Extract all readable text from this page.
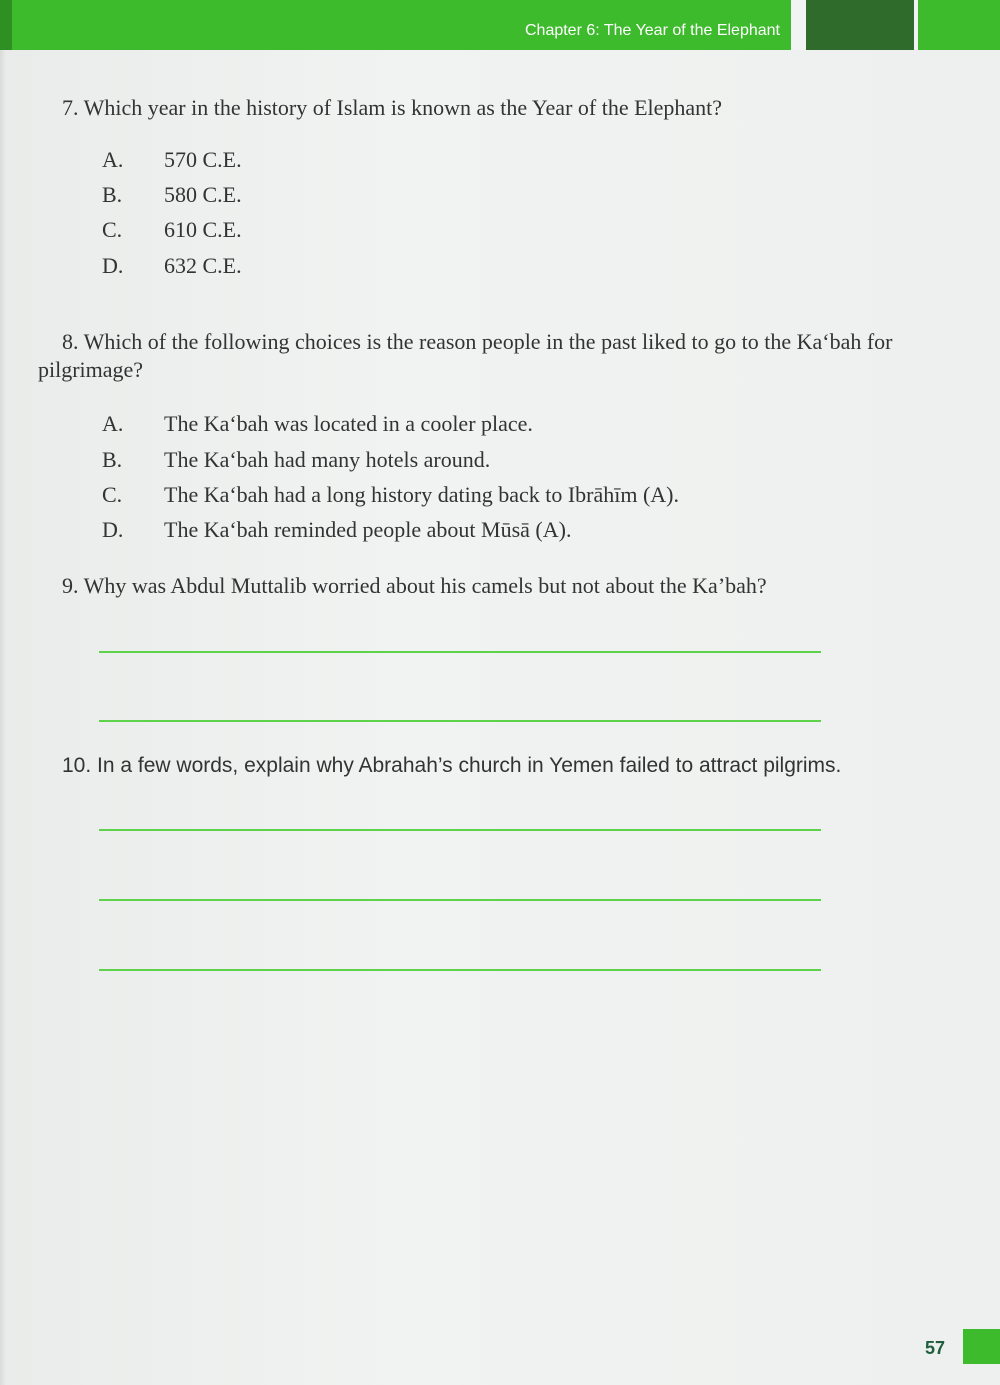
Chapter 6: The Year of the Elephant
7. Which year in the history of Islam is known as the Year of the Elephant?
A.	570 C.E.
B.	580 C.E.
C.	610 C.E.
D.	632 C.E.
8. Which of the following choices is the reason people in the past liked to go to the Ka‘bah for pilgrimage?
A.	The Ka‘bah was located in a cooler place.
B.	The Ka‘bah had many hotels around.
C.	The Ka‘bah had a long history dating back to Ibrāhīm (A).
D.	The Ka‘bah reminded people about Mūsā (A).
9. Why was Abdul Muttalib worried about his camels but not about the Ka’bah?
10. In a few words, explain why Abrahah’s church in Yemen failed to attract pilgrims.
57
